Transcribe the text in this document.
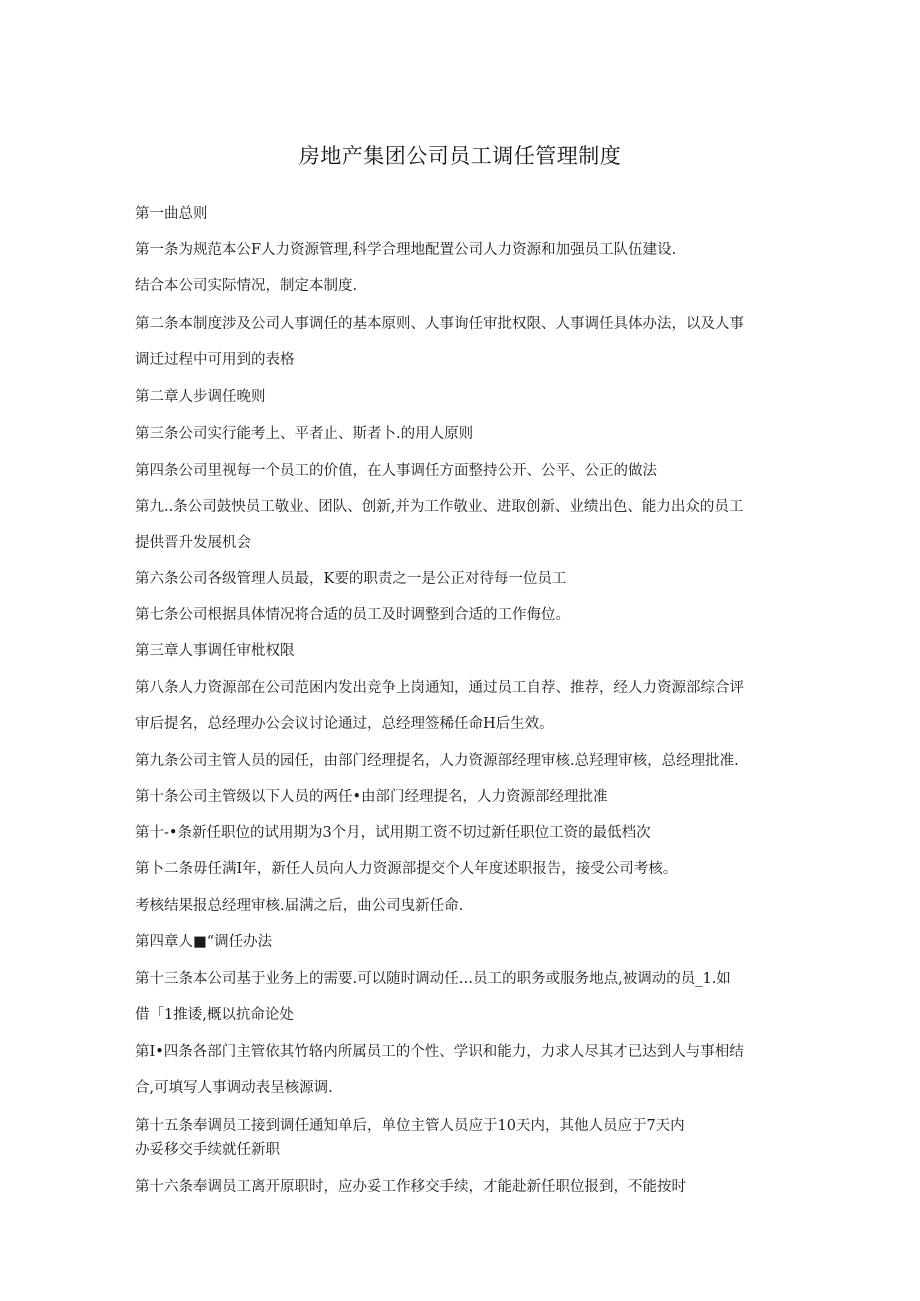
房地产集团公司员工调任管理制度

第一曲总则

第一条为规范本公F人力资源管理,科学合理地配置公司人力资源和加强员工队伍建设.

结合本公司实际情况，制定本制度.

第二条本制度涉及公司人事调任的基本原则、人事询任审批权限、人事调任具体办法，以及人事

调迁过程中可用到的表格

第二章人步调任晚则

第三条公司实行能考上、平者止、斯者卜.的用人原则

第四条公司里视每一个员工的价值，在人事调任方面整持公开、公平、公正的做法

第九..条公司鼓怏员工敬业、团队、创新,并为工作敬业、进取创新、业绩出色、能力出众的员工

提供晋升发展机会

第六条公司各级管理人员最，K要的职责之一是公正对待每一位员工

第七条公司根据具体情况将合适的员工及时调整到合适的工作侮位。

第三章人事调任审枇权限

第八条人力资源部在公司范困内发出竞争上岗通知，通过员工自荐、推荐，经人力资源部综合评

审后提名，总经理办公会议讨论通过，总经理签稀任命H后生效。

第九条公司主管人员的园任，由部门经理提名，人力资源部经理审核.总羟理审核，总经理批准.

第十条公司主管级以下人员的两任•由部门经理提名，人力资源部经理批准

第十-•条新任职位的试用期为3个月，试用期工资不切过新任职位工资的最低档次

第卜二条毋任满I年，新任人员向人力资源部提交个人年度述职报告，接受公司考核。

考核结果报总经理审核.届满之后，曲公司曳新任命.

第四章人■“调任办法

第十三条本公司基于业务上的需要.可以随时调动任…员工的职务或服务地点,被调动的员_1.如

借「1推诿,概以抗命论处

第I•四条各部门主管依其竹辂内所属员工的个性、学识和能力，力求人尽其才已达到人与事相结

合,可填写人事调动表呈核源调.

第十五条奉调员工接到调任通知单后，单位主管人员应于10天内，其他人员应于7天内

办妥移交手续就任新职

第十六条奉调员工离开原职时，应办妥工作移交手续，才能赴新任职位报到，不能按时
